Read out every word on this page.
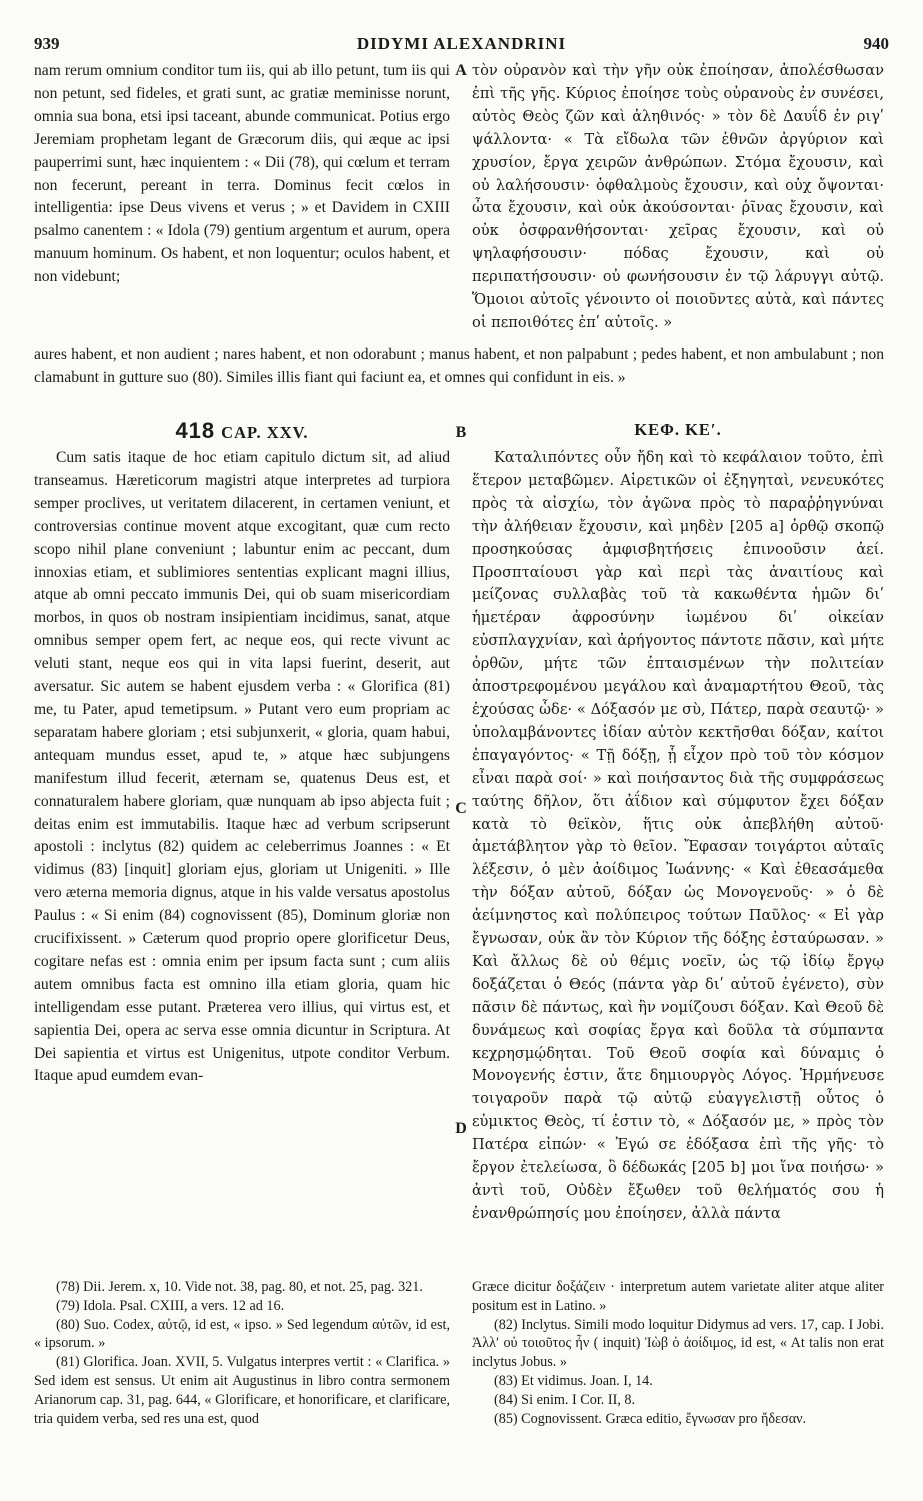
939	DIDYMI ALEXANDRINI	940

nam rerum omnium conditor tum iis, qui ab illo petunt, tum iis qui non petunt, sed fideles, et grati sunt, ac gratiæ meminisse norunt, omnia sua bona, etsi ipsi taceant, abunde communicat. Potius ergo Jeremiam prophetam legant de Græcorum diis, qui æque ac ipsi pauperrimi sunt, hæc inquientem : « Dii (78), qui cœlum et terram non fecerunt, pereant in terra. Dominus fecit cœlos in intelligentia: ipse Deus vivens et verus ; » et Davidem in CXIII psalmo canentem : « Idola (79) gentium argentum et aurum, opera manuum hominum. Os habent, et non loquentur; oculos habent, et non videbunt;

A τὸν οὐρανὸν καὶ τὴν γῆν οὐκ ἐποίησαν, ἀπολέσθωσαν ἐπὶ τῆς γῆς. Κύριος ἐποίησε τοὺς οὐρανοὺς ἐν συνέσει, αὐτὸς Θεὸς ζῶν καὶ ἀληθινός· » τὸν δὲ Δαυΐδ ἐν ριγʹ ψάλλοντα· « Τὰ εἴδωλα τῶν ἐθνῶν ἀργύριον καὶ χρυσίον, ἔργα χειρῶν ἀνθρώπων. Στόμα ἔχουσιν, καὶ οὐ λαλήσουσιν· ὀφθαλμοὺς ἔχουσιν, καὶ οὐχ ὄψονται· ὦτα ἔχουσιν, καὶ οὐκ ἀκούσονται· ῥῖνας ἔχουσιν, καὶ οὐκ ὀσφρανθήσονται· χεῖρας ἔχουσιν, καὶ οὐ ψηλαφήσουσιν· πόδας ἔχουσιν, καὶ οὐ περιπατήσουσιν· οὐ φωνήσουσιν ἐν τῷ λάρυγγι αὐτῷ. Ὅμοιοι αὐτοῖς γένοιντο οἱ ποιοῦντες αὐτὰ, καὶ πάντες οἱ πεποιθότες ἐπʹ αὐτοῖς. »

aures habent, et non audient ; nares habent, et non odorabunt ; manus habent, et non palpabunt ; pedes habent, et non ambulabunt ; non clamabunt in gutture suo (80). Similes illis fiant qui faciunt ea, et omnes qui confidunt in eis. »
418 CAP. XXV.	B	ΚΕΦ. ΚΕʹ.

Cum satis itaque de hoc etiam capitulo dictum sit, ad aliud transeamus. Hæreticorum magistri atque interpretes ad turpiora semper proclives, ut veritatem dilacerent, in certamen veniunt, et controversias continue movent atque excogitant, quæ cum recto scopo nihil plane conveniunt ; labuntur enim ac peccant, dum innoxias etiam, et sublimiores sententias explicant magni illius, atque ab omni peccato immunis Dei, qui ob suam misericordiam morbos, in quos ob nostram insipientiam incidimus, sanat, atque omnibus semper opem fert, ac neque eos, qui recte vivunt ac veluti stant, neque eos qui in vita lapsi fuerint, deserit, aut aversatur. Sic autem se habent ejusdem verba : « Glorifica (81) me, tu Pater, apud temetipsum. » Putant vero eum propriam ac separatam habere gloriam ; etsi subjunxerit, « gloria, quam habui, antequam mundus esset, apud te, » atque hæc subjungens manifestum illud fecerit, æternam se, quatenus Deus est, et connaturalem habere gloriam, quæ nunquam ab ipso abjecta fuit ; deitas enim est immutabilis. Itaque hæc ad verbum scripserunt apostoli : inclytus (82) quidem ac celeberrimus Joannes : « Et vidimus (83) [inquit] gloriam ejus, gloriam ut Unigeniti. » Ille vero æterna memoria dignus, atque in his valde versatus apostolus Paulus : « Si enim (84) cognovissent (85), Dominum gloriæ non crucifixissent. » Cæterum quod proprio opere glorificetur Deus, cogitare nefas est : omnia enim per ipsum facta sunt ; cum aliis autem omnibus facta est omnino illa etiam gloria, quam hic intelligendam esse putant. Præterea vero illius, qui virtus est, et sapientia Dei, opera ac serva esse omnia dicuntur in Scriptura. At Dei sapientia et virtus est Unigenitus, utpote conditor Verbum. Itaque apud eumdem evan-

C
D

Καταλιπόντες οὖν ἤδη καὶ τὸ κεφάλαιον τοῦτο, ἐπὶ ἕτερον μεταβῶμεν. Αἱρετικῶν οἱ ἐξηγηταὶ, νενευκότες πρὸς τὰ αἰσχίω, τὸν ἀγῶνα πρὸς τὸ παραῤῥηγνύναι τὴν ἀλήθειαν ἔχουσιν, καὶ μηδὲν [205 a] ὀρθῷ σκοπῷ προσηκούσας ἀμφισβητήσεις ἐπινοοῦσιν ἀεί. Προσπταίουσι γὰρ καὶ περὶ τὰς ἀναιτίους καὶ μείζονας συλλαβὰς τοῦ τὰ κακωθέντα ἡμῶν διʹ ἡμετέραν ἀφροσύνην ἰωμένου διʹ οἰκείαν εὐσπλαγχνίαν, καὶ ἀρήγοντος πάντοτε πᾶσιν, καὶ μήτε ὀρθῶν, μήτε τῶν ἐπταισμένων τὴν πολιτείαν ἀποστρεφομένου μεγάλου καὶ ἀναμαρτήτου Θεοῦ, τὰς ἐχούσας ὧδε· « Δόξασόν με σὺ, Πάτερ, παρὰ σεαυτῷ· » ὑπολαμβάνοντες ἰδίαν αὐτὸν κεκτῆσθαι δόξαν, καίτοι ἐπαγαγόντος· « Τῇ δόξῃ, ᾗ εἶχον πρὸ τοῦ τὸν κόσμον εἶναι παρὰ σοί· » καὶ ποιήσαντος διὰ τῆς συμφράσεως ταύτης δῆλον, ὅτι ἀΐδιον καὶ σύμφυτον ἔχει δόξαν κατὰ τὸ θεϊκὸν, ἥτις οὐκ ἀπεβλήθη αὐτοῦ· ἀμετάβλητον γὰρ τὸ θεῖον. Ἔφασαν τοιγάρτοι αὐταῖς λέξεσιν, ὁ μὲν ἀοίδιμος Ἰωάννης· « Καὶ ἐθεασάμεθα τὴν δόξαν αὐτοῦ, δόξαν ὡς Μονογενοῦς· » ὁ δὲ ἀείμνηστος καὶ πολύπειρος τούτων Παῦλος· « Εἰ γὰρ ἔγνωσαν, οὐκ ἂν τὸν Κύριον τῆς δόξης ἐσταύρωσαν. » Καὶ ἄλλως δὲ οὐ θέμις νοεῖν, ὡς τῷ ἰδίῳ ἔργῳ δοξάζεται ὁ Θεός (πάντα γὰρ διʹ αὐτοῦ ἐγένετο), σὺν πᾶσιν δὲ πάντως, καὶ ἣν νομίζουσι δόξαν. Καὶ Θεοῦ δὲ δυνάμεως καὶ σοφίας ἔργα καὶ δοῦλα τὰ σύμπαντα κεχρησμῴδηται. Τοῦ Θεοῦ σοφία καὶ δύναμις ὁ Μονογενής ἐστιν, ἅτε δημιουργὸς Λόγος. Ἡρμήνευσε τοιγαροῦν παρὰ τῷ αὐτῷ εὐαγγελιστῇ οὗτος ὁ εὐμικτος Θεὸς, τί ἐστιν τὸ, « Δόξασόν με, » πρὸς τὸν Πατέρα εἰπών· « Ἐγώ σε ἐδόξασα ἐπὶ τῆς γῆς· τὸ ἔργον ἐτελείωσα, ὃ δέδωκάς [205 b] μοι ἵνα ποιήσω· » ἀντὶ τοῦ, Οὐδὲν ἔξωθεν τοῦ θελήματός σου ἡ ἐνανθρώπησίς μου ἐποίησεν, ἀλλὰ πάντα

(78) Dii. Jerem. x, 10. Vide not. 38, pag. 80, et not. 25, pag. 321.

(79) Idola. Psal. CXIII, a vers. 12 ad 16.

(80) Suo. Codex, αὐτῷ, id est, « ipso. » Sed legendum αὐτῶν, id est, « ipsorum. »

(81) Glorifica. Joan. XVII, 5. Vulgatus interpres vertit : « Clarifica. » Sed idem est sensus. Ut enim ait Augustinus in libro contra sermonem Arianorum cap. 31, pag. 644, « Glorificare, et honorificare, et clarificare, tria quidem verba, sed res una est, quod

Græce dicitur δοξάζειν · interpretum autem varietate aliter atque aliter positum est in Latino. »

(82) Inclytus. Simili modo loquitur Didymus ad vers. 17, cap. I Jobi. Ἀλλʹ οὐ τοιοῦτος ἦν ( inquit) Ἰὼβ ὁ ἀοίδιμος, id est, « At talis non erat inclytus Jobus. »

(83) Et vidimus. Joan. I, 14.

(84) Si enim. I Cor. II, 8.

(85) Cognovissent. Græca editio, ἔγνωσαν pro ἤδεσαν.
